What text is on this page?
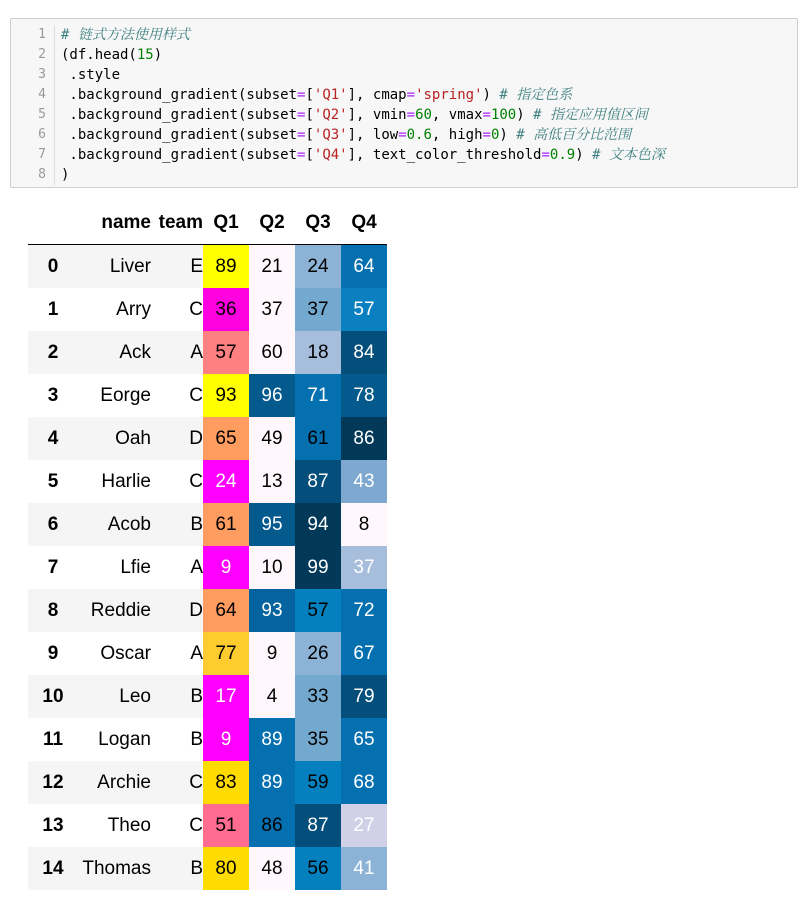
1
2
3
4
5
6
7
8
# 链式方法使用样式
(df.head(15)
.style
.background_gradient(subset=['Q1'], cmap='spring') # 指定色系
.background_gradient(subset=['Q2'], vmin=60, vmax=100) # 指定应用值区间
.background_gradient(subset=['Q3'], low=0.6, high=0) # 高低百分比范围
.background_gradient(subset=['Q4'], text_color_threshold=0.9) # 文本色深
)
	name	team	Q1	Q2	Q3	Q4
0	Liver	E	89	21	24	64
1	Arry	C	36	37	37	57
2	Ack	A	57	60	18	84
3	Eorge	C	93	96	71	78
4	Oah	D	65	49	61	86
5	Harlie	C	24	13	87	43
6	Acob	B	61	95	94	8
7	Lfie	A	9	10	99	37
8	Reddie	D	64	93	57	72
9	Oscar	A	77	9	26	67
10	Leo	B	17	4	33	79
11	Logan	B	9	89	35	65
12	Archie	C	83	89	59	68
13	Theo	C	51	86	87	27
14	Thomas	B	80	48	56	41
